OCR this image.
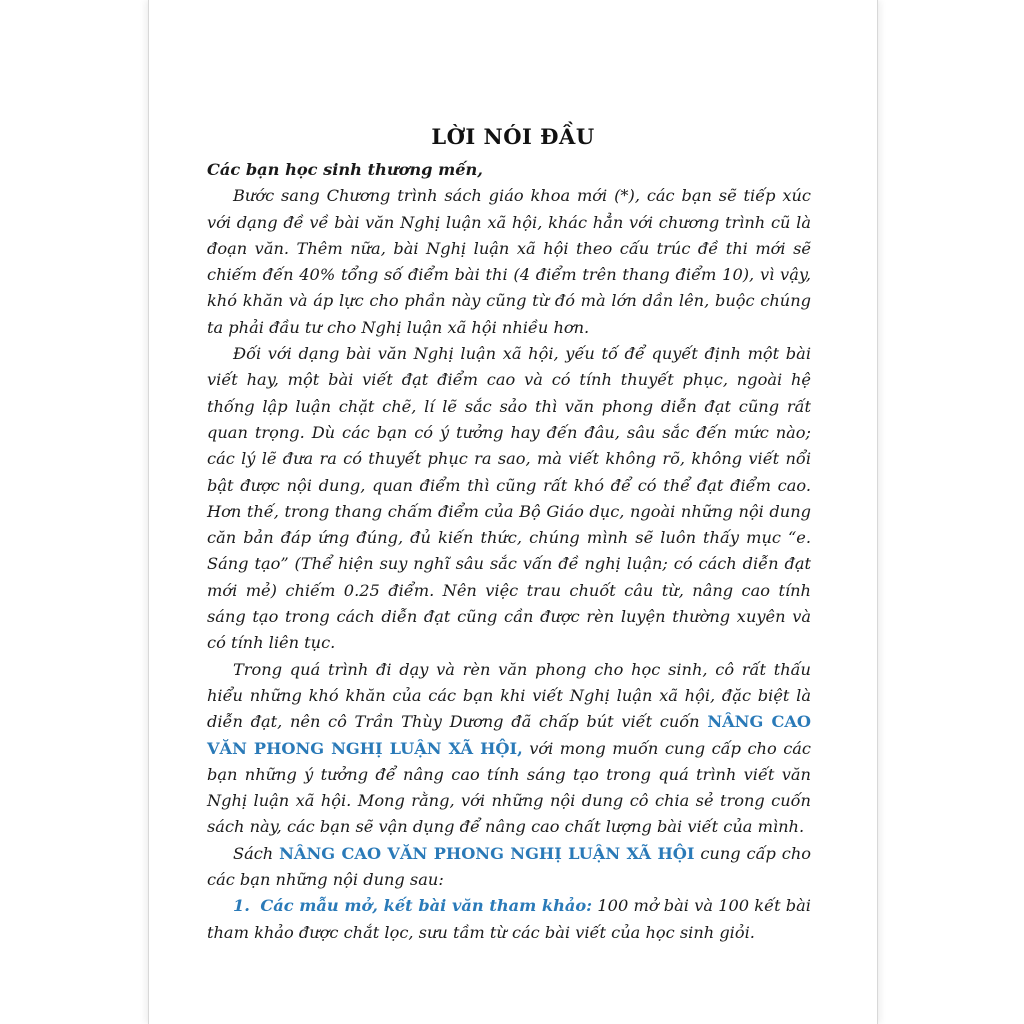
LỜI NÓI ĐẦU

Các bạn học sinh thương mến,

Bước sang Chương trình sách giáo khoa mới (*), các bạn sẽ tiếp xúc với dạng đề về bài văn Nghị luận xã hội, khác hẳn với chương trình cũ là đoạn văn. Thêm nữa, bài Nghị luận xã hội theo cấu trúc đề thi mới sẽ chiếm đến 40% tổng số điểm bài thi (4 điểm trên thang điểm 10), vì vậy, khó khăn và áp lực cho phần này cũng từ đó mà lớn dần lên, buộc chúng ta phải đầu tư cho Nghị luận xã hội nhiều hơn.

Đối với dạng bài văn Nghị luận xã hội, yếu tố để quyết định một bài viết hay, một bài viết đạt điểm cao và có tính thuyết phục, ngoài hệ thống lập luận chặt chẽ, lí lẽ sắc sảo thì văn phong diễn đạt cũng rất quan trọng. Dù các bạn có ý tưởng hay đến đâu, sâu sắc đến mức nào; các lý lẽ đưa ra có thuyết phục ra sao, mà viết không rõ, không viết nổi bật được nội dung, quan điểm thì cũng rất khó để có thể đạt điểm cao. Hơn thế, trong thang chấm điểm của Bộ Giáo dục, ngoài những nội dung căn bản đáp ứng đúng, đủ kiến thức, chúng mình sẽ luôn thấy mục “e. Sáng tạo” (Thể hiện suy nghĩ sâu sắc vấn đề nghị luận; có cách diễn đạt mới mẻ) chiếm 0.25 điểm. Nên việc trau chuốt câu từ, nâng cao tính sáng tạo trong cách diễn đạt cũng cần được rèn luyện thường xuyên và có tính liên tục.

Trong quá trình đi dạy và rèn văn phong cho học sinh, cô rất thấu hiểu những khó khăn của các bạn khi viết Nghị luận xã hội, đặc biệt là diễn đạt, nên cô Trần Thùy Dương đã chấp bút viết cuốn NÂNG CAO VĂN PHONG NGHỊ LUẬN XÃ HỘI, với mong muốn cung cấp cho các bạn những ý tưởng để nâng cao tính sáng tạo trong quá trình viết văn Nghị luận xã hội. Mong rằng, với những nội dung cô chia sẻ trong cuốn sách này, các bạn sẽ vận dụng để nâng cao chất lượng bài viết của mình.

Sách NÂNG CAO VĂN PHONG NGHỊ LUẬN XÃ HỘI cung cấp cho các bạn những nội dung sau:

1. Các mẫu mở, kết bài văn tham khảo: 100 mở bài và 100 kết bài tham khảo được chắt lọc, sưu tầm từ các bài viết của học sinh giỏi.
